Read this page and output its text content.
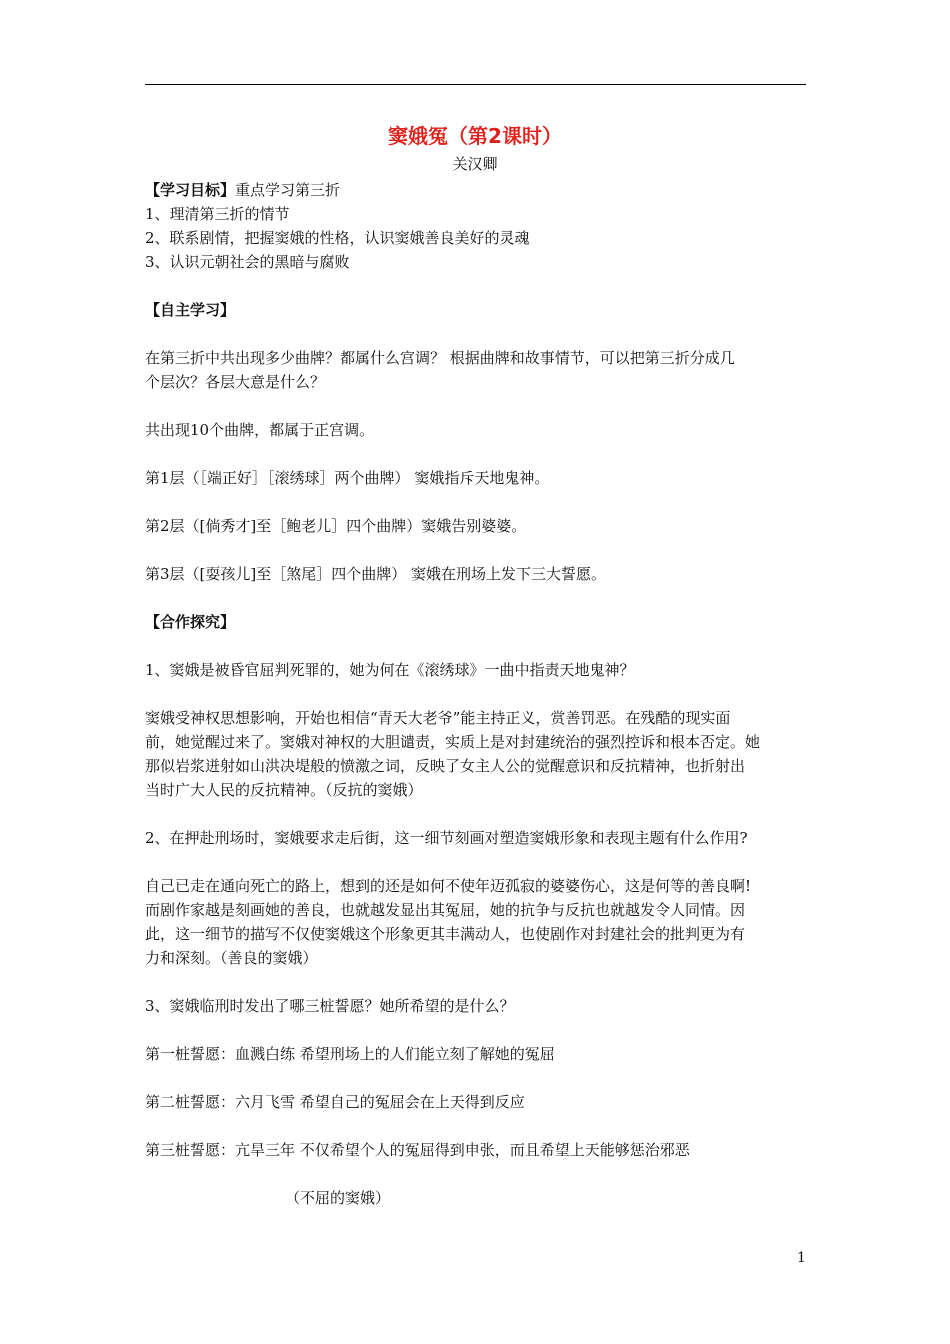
窦娥冤（第2课时）
关汉卿
【学习目标】重点学习第三折
1、理清第三折的情节
2、联系剧情，把握窦娥的性格，认识窦娥善良美好的灵魂
3、认识元朝社会的黑暗与腐败
【自主学习】
在第三折中共出现多少曲牌？都属什么宫调？ 根据曲牌和故事情节，可以把第三折分成几
个层次？各层大意是什么？
共出现10个曲牌，都属于正宫调。
第1层（［端正好］［滚绣球］两个曲牌） 窦娥指斥天地鬼神。
第2层（[倘秀才]至［鲍老儿］四个曲牌）窦娥告别婆婆。
第3层（[耍孩儿]至［煞尾］四个曲牌） 窦娥在刑场上发下三大誓愿。
【合作探究】
1、窦娥是被昏官屈判死罪的，她为何在《滚绣球》一曲中指责天地鬼神？
窦娥受神权思想影响，开始也相信“青天大老爷”能主持正义，赏善罚恶。在残酷的现实面
前，她觉醒过来了。窦娥对神权的大胆谴责，实质上是对封建统治的强烈控诉和根本否定。她
那似岩浆迸射如山洪决堤般的愤激之词，反映了女主人公的觉醒意识和反抗精神，也折射出
当时广大人民的反抗精神。（反抗的窦娥）
2、在押赴刑场时，窦娥要求走后街，这一细节刻画对塑造窦娥形象和表现主题有什么作用?
自己已走在通向死亡的路上，想到的还是如何不使年迈孤寂的婆婆伤心，这是何等的善良啊!
而剧作家越是刻画她的善良，也就越发显出其冤屈，她的抗争与反抗也就越发令人同情。因
此，这一细节的描写不仅使窦娥这个形象更其丰满动人，也使剧作对封建社会的批判更为有
力和深刻。（善良的窦娥）
3、窦娥临刑时发出了哪三桩誓愿？她所希望的是什么？
第一桩誓愿：血溅白练 希望刑场上的人们能立刻了解她的冤屈
第二桩誓愿：六月飞雪 希望自己的冤屈会在上天得到反应
第三桩誓愿：亢旱三年 不仅希望个人的冤屈得到申张，而且希望上天能够惩治邪恶
（不屈的窦娥）
1
